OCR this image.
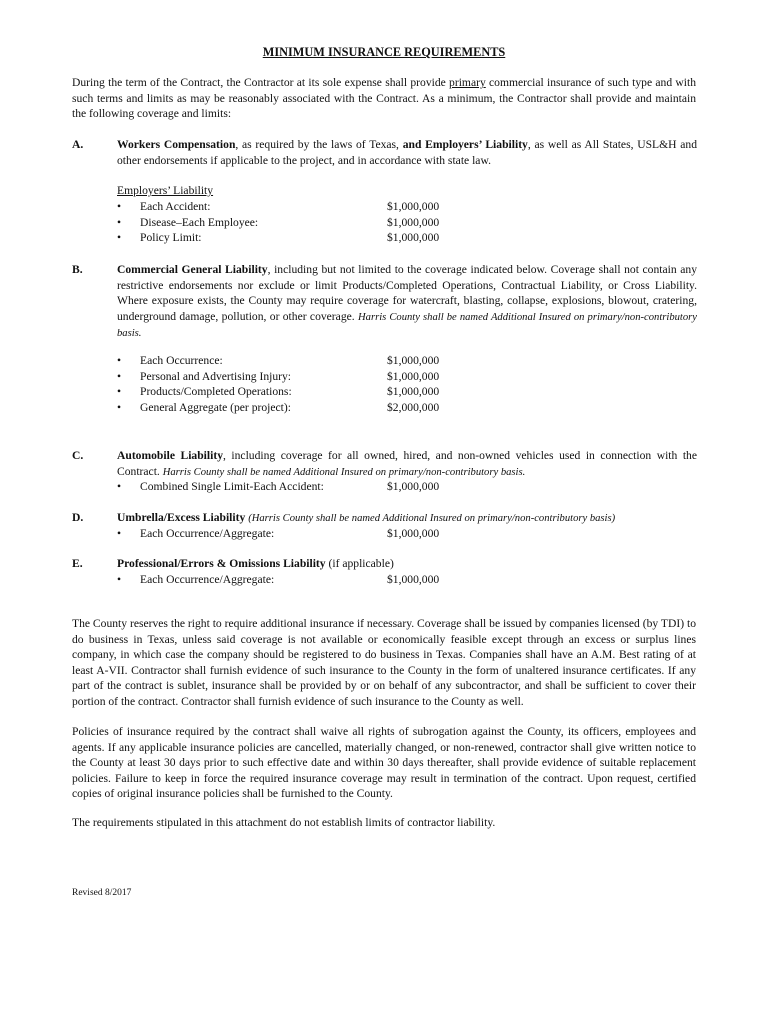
MINIMUM INSURANCE REQUIREMENTS
During the term of the Contract, the Contractor at its sole expense shall provide primary commercial insurance of such type and with such terms and limits as may be reasonably associated with the Contract. As a minimum, the Contractor shall provide and maintain the following coverage and limits:
A.	Workers Compensation, as required by the laws of Texas, and Employers’ Liability, as well as All States, USL&H and other endorsements if applicable to the project, and in accordance with state law.
Employers’ Liability
• Each Accident:	$1,000,000
• Disease–Each Employee:	$1,000,000
• Policy Limit:	$1,000,000
B.	Commercial General Liability, including but not limited to the coverage indicated below. Coverage shall not contain any restrictive endorsements nor exclude or limit Products/Completed Operations, Contractual Liability, or Cross Liability. Where exposure exists, the County may require coverage for watercraft, blasting, collapse, explosions, blowout, cratering, underground damage, pollution, or other coverage. Harris County shall be named Additional Insured on primary/non-contributory basis.
• Each Occurrence:	$1,000,000
• Personal and Advertising Injury:	$1,000,000
• Products/Completed Operations:	$1,000,000
• General Aggregate (per project):	$2,000,000
C.	Automobile Liability, including coverage for all owned, hired, and non-owned vehicles used in connection with the Contract. Harris County shall be named Additional Insured on primary/non-contributory basis.
• Combined Single Limit-Each Accident:	$1,000,000
D.	Umbrella/Excess Liability (Harris County shall be named Additional Insured on primary/non-contributory basis)
• Each Occurrence/Aggregate:	$1,000,000
E.	Professional/Errors & Omissions Liability (if applicable)
• Each Occurrence/Aggregate:	$1,000,000
The County reserves the right to require additional insurance if necessary. Coverage shall be issued by companies licensed (by TDI) to do business in Texas, unless said coverage is not available or economically feasible except through an excess or surplus lines company, in which case the company should be registered to do business in Texas. Companies shall have an A.M. Best rating of at least A-VII. Contractor shall furnish evidence of such insurance to the County in the form of unaltered insurance certificates. If any part of the contract is sublet, insurance shall be provided by or on behalf of any subcontractor, and shall be sufficient to cover their portion of the contract. Contractor shall furnish evidence of such insurance to the County as well.
Policies of insurance required by the contract shall waive all rights of subrogation against the County, its officers, employees and agents. If any applicable insurance policies are cancelled, materially changed, or non-renewed, contractor shall give written notice to the County at least 30 days prior to such effective date and within 30 days thereafter, shall provide evidence of suitable replacement policies. Failure to keep in force the required insurance coverage may result in termination of the contract. Upon request, certified copies of original insurance policies shall be furnished to the County.
The requirements stipulated in this attachment do not establish limits of contractor liability.
Revised 8/2017
